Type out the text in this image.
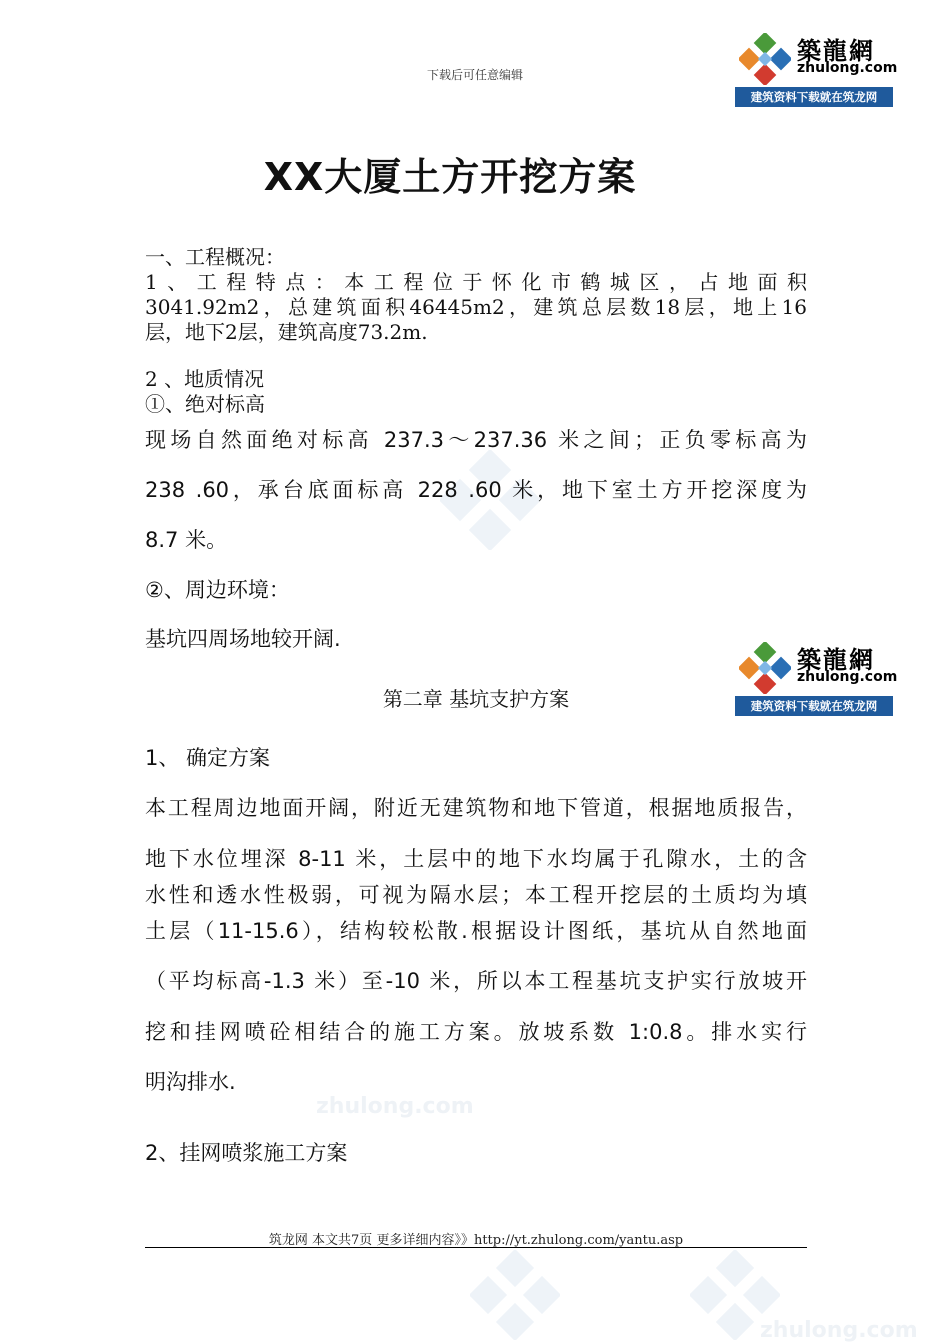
zhulong.com
zhulong.com
下载后可任意编辑
築龍網
zhulong.com
建筑资料下载就在筑龙网
築龍網
zhulong.com
建筑资料下载就在筑龙网
XX大厦土方开挖方案
一、工程概况：
1、工程特点：本工程位于怀化市鹤城区，占地面积
3041.92m2，总建筑面积46445m2，建筑总层数18层，地上16
层，地下2层，建筑高度73.2m.
2 、地质情况
①、绝对标高
现场自然面绝对标高 237.3～237.36 米之间；正负零标高为
238 .60，承台底面标高 228 .60 米，地下室土方开挖深度为
8.7 米。
②、周边环境：
基坑四周场地较开阔.
第二章 基坑支护方案
1、 确定方案
本工程周边地面开阔，附近无建筑物和地下管道，根据地质报告，
地下水位埋深 8-11 米，土层中的地下水均属于孔隙水，土的含
水性和透水性极弱，可视为隔水层；本工程开挖层的土质均为填
土层（11-15.6），结构较松散.根据设计图纸，基坑从自然地面
（平均标高-1.3 米）至-10 米，所以本工程基坑支护实行放坡开
挖和挂网喷砼相结合的施工方案。放坡系数 1:0.8。排水实行
明沟排水.
2、挂网喷浆施工方案
筑龙网 本文共7页 更多详细内容》》http://yt.zhulong.com/yantu.asp
